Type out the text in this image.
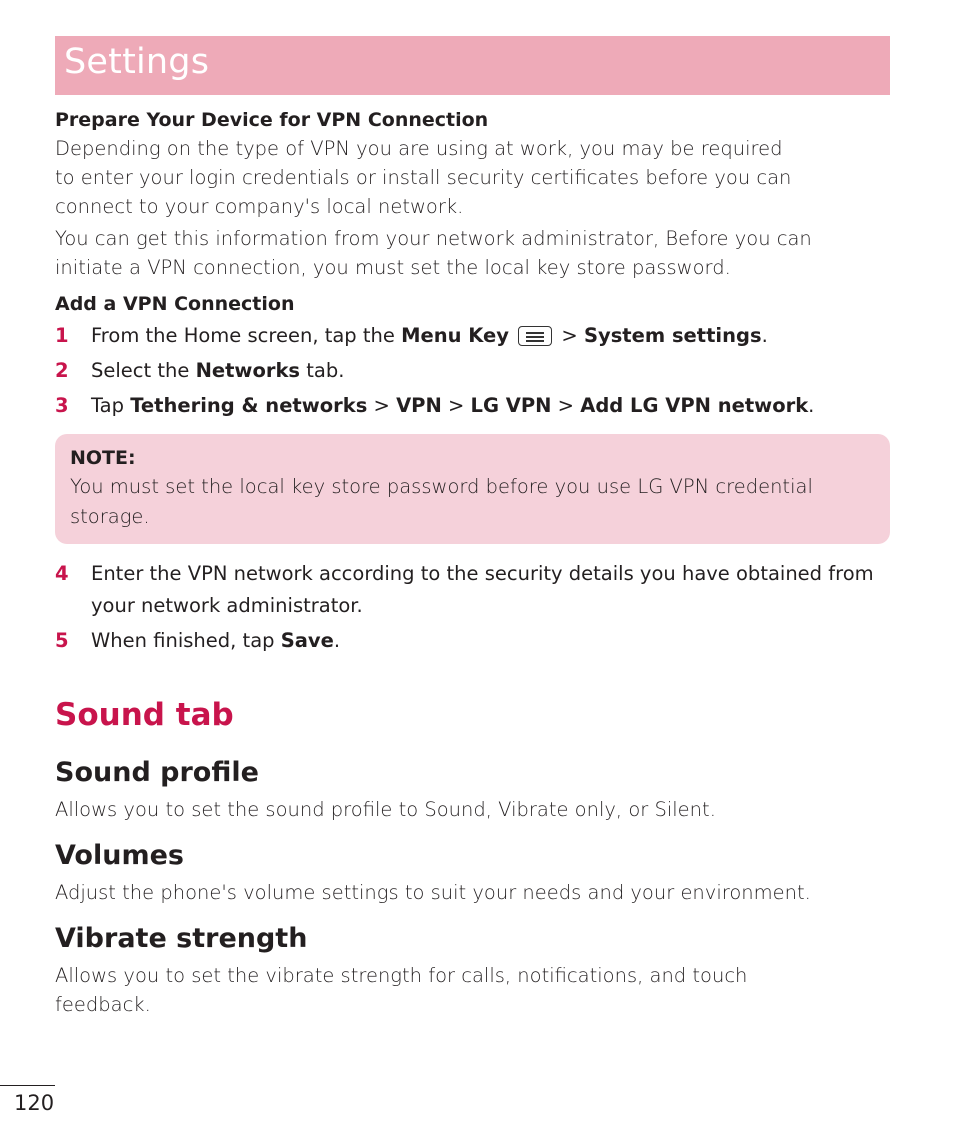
Settings
Prepare Your Device for VPN Connection

Depending on the type of VPN you are using at work, you may be required
to enter your login credentials or install security certificates before you can
connect to your company's local network.

You can get this information from your network administrator, Before you can
initiate a VPN connection, you must set the local key store password.

Add a VPN Connection
1	From the Home screen, tap the Menu Key
> System settings.
2	Select the Networks tab.
3	Tap Tethering & networks > VPN > LG VPN > Add LG VPN network.
NOTE:
You must set the local key store password before you use LG VPN credential storage.
4	Enter the VPN network according to the security details you have obtained from your network administrator.
5	When finished, tap Save.
Sound tab
Sound profile

Allows you to set the sound profile to Sound, Vibrate only, or Silent.

Volumes

Adjust the phone's volume settings to suit your needs and your environment.

Vibrate strength

Allows you to set the vibrate strength for calls, notifications, and touch
feedback.

120
